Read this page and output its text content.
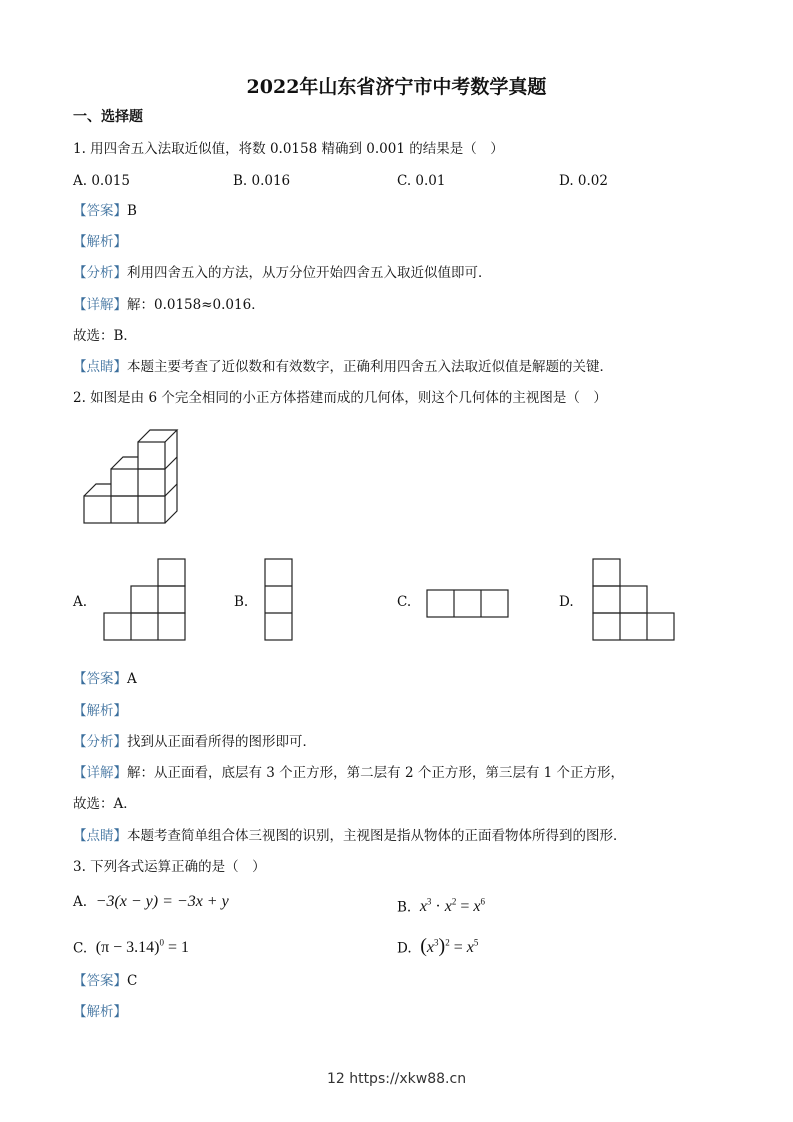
2022年山东省济宁市中考数学真题
一、选择题
1. 用四舍五入法取近似值，将数 0.0158 精确到 0.001 的结果是（　）
A. 0.015	B. 0.016	C. 0.01	D. 0.02
【答案】B
【解析】
【分析】利用四舍五入的方法，从万分位开始四舍五入取近似值即可．
【详解】解：0.0158≈0.016．
故选：B．
【点睛】本题主要考查了近似数和有效数字，正确利用四舍五入法取近似值是解题的关键．
2. 如图是由 6 个完全相同的小正方体搭建而成的几何体，则这个几何体的主视图是（　）
A.	B.	C.	D.
【答案】A
【解析】
【分析】找到从正面看所得的图形即可．
【详解】解：从正面看，底层有 3 个正方形，第二层有 2 个正方形，第三层有 1 个正方形，
故选：A．
【点睛】本题考查简单组合体三视图的识别，主视图是指从物体的正面看物体所得到的图形．
3. 下列各式运算正确的是（　）
A. −3(x − y) = −3x + y	B. $x^3 \cdot x^2 = x^6$
C. $(\pi - 3.14)^0 = 1$	D. $(x^3)^2 = x^5$
【答案】C
【解析】
12 https://xkw88.cn
